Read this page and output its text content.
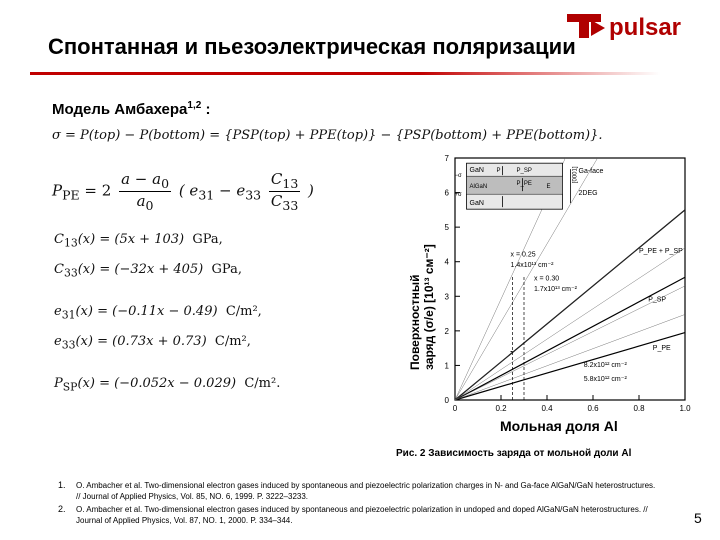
pulsar
Спонтанная и пьезоэлектрическая поляризации
Модель Амбахера$^{1,2}$ :
σ = P(top) − P(bottom) = {PSP(top) + PPE(top)} − {PSP(bottom) + PPE(bottom)}.
$P_{PE} = 2 \frac{a - a_0}{a_0}$ ( $e_{31} - e_{33} \frac{C_{13}}{C_{33}}$ )
$C_{13}(x) = (5x + 103)$ GPa,
$C_{33}(x) = (-32x + 405)$ GPa,
$e_{31}(x) = (-0.11x - 0.49)$ C/m²,
$e_{33}(x) = (0.73x + 0.73)$ C/m²,
$P_{SP}(x) = (-0.052x - 0.029)$ C/m².
Поверхностный заряд (σ/e) [10¹³ см⁻²]
0
1
2
3
4
5
6
7
0	0.2	0.4	0.6	0.8	1.0
x = 0.25
1.4x10¹³ cm⁻²
x = 0.30
1.7x10¹³ cm⁻²
8.2x10¹² cm⁻²
5.8x10¹² cm⁻²
P_PE + P_SP
P_SP
P_PE
GaN
AlGaN
GaN
P	P_SP
P_PE E
−σ
+σ
[0001] Ga-face
2DEG
Мольная доля Al
Рис. 2 Зависимость заряда от мольной доли Al
1. O. Ambacher et al. Two-dimensional electron gases induced by spontaneous and piezoelectric polarization charges in N- and Ga-face AlGaN/GaN heterostructures. // Journal of Applied Physics, Vol. 85, NO. 6, 1999. P. 3222–3233.
2. O. Ambacher et al. Two-dimensional electron gases induced by spontaneous and piezoelectric polarization in undoped and doped AlGaN/GaN heterostructures. // Journal of Applied Physics, Vol. 87, NO. 1, 2000. P. 334–344.	5
